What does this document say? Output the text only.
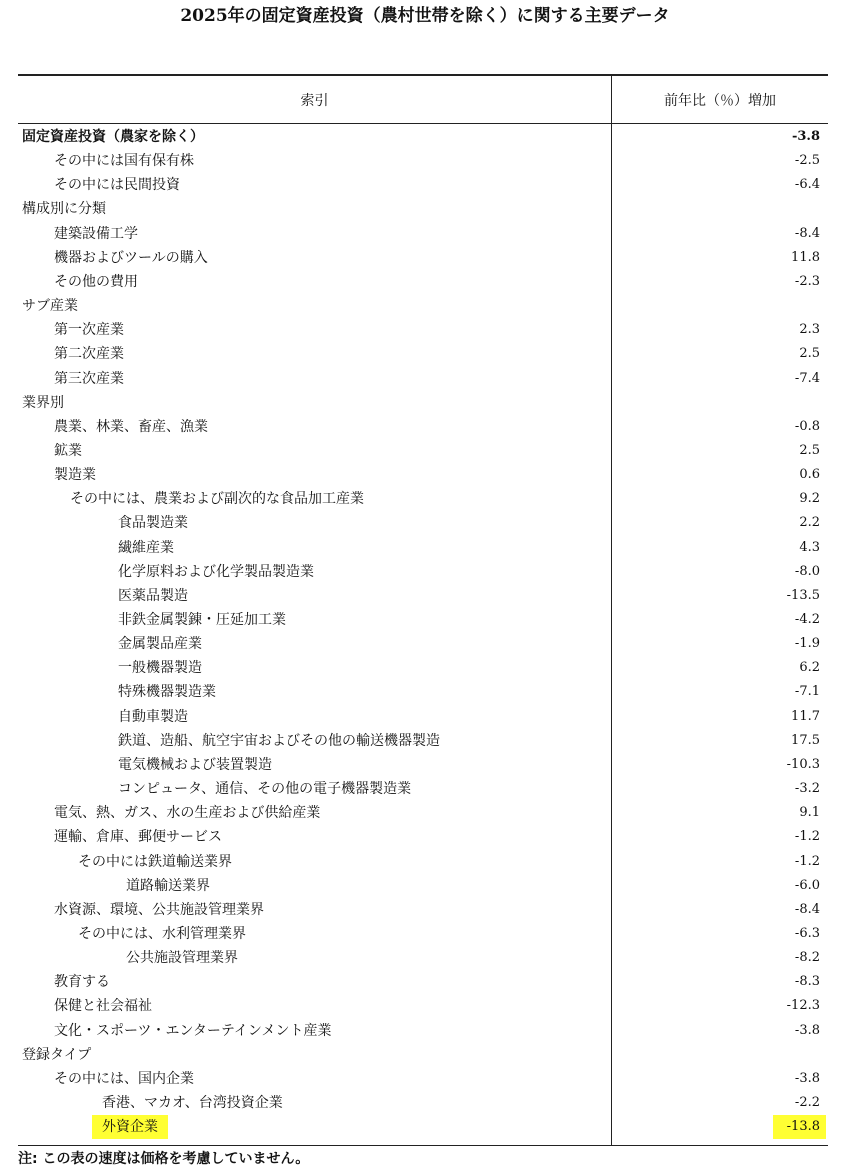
2025年の固定資産投資（農村世帯を除く）に関する主要データ
索引	前年比（％）増加
固定資産投資（農家を除く）	-3.8
その中には国有保有株	-2.5
その中には民間投資	-6.4
構成別に分類
建築設備工学	-8.4
機器およびツールの購入	11.8
その他の費用	-2.3
サブ産業
第一次産業	2.3
第二次産業	2.5
第三次産業	-7.4
業界別
農業、林業、畜産、漁業	-0.8
鉱業	2.5
製造業	0.6
その中には、農業および副次的な食品加工産業	9.2
食品製造業	2.2
繊維産業	4.3
化学原料および化学製品製造業	-8.0
医薬品製造	-13.5
非鉄金属製錬・圧延加工業	-4.2
金属製品産業	-1.9
一般機器製造	6.2
特殊機器製造業	-7.1
自動車製造	11.7
鉄道、造船、航空宇宙およびその他の輸送機器製造	17.5
電気機械および装置製造	-10.3
コンピュータ、通信、その他の電子機器製造業	-3.2
電気、熱、ガス、水の生産および供給産業	9.1
運輸、倉庫、郵便サービス	-1.2
その中には鉄道輸送業界	-1.2
道路輸送業界	-6.0
水資源、環境、公共施設管理業界	-8.4
その中には、水利管理業界	-6.3
公共施設管理業界	-8.2
教育する	-8.3
保健と社会福祉	-12.3
文化・スポーツ・エンターテインメント産業	-3.8
登録タイプ
その中には、国内企業	-3.8
香港、マカオ、台湾投資企業	-2.2
外資企業	-13.8
注: この表の速度は価格を考慮していません。
